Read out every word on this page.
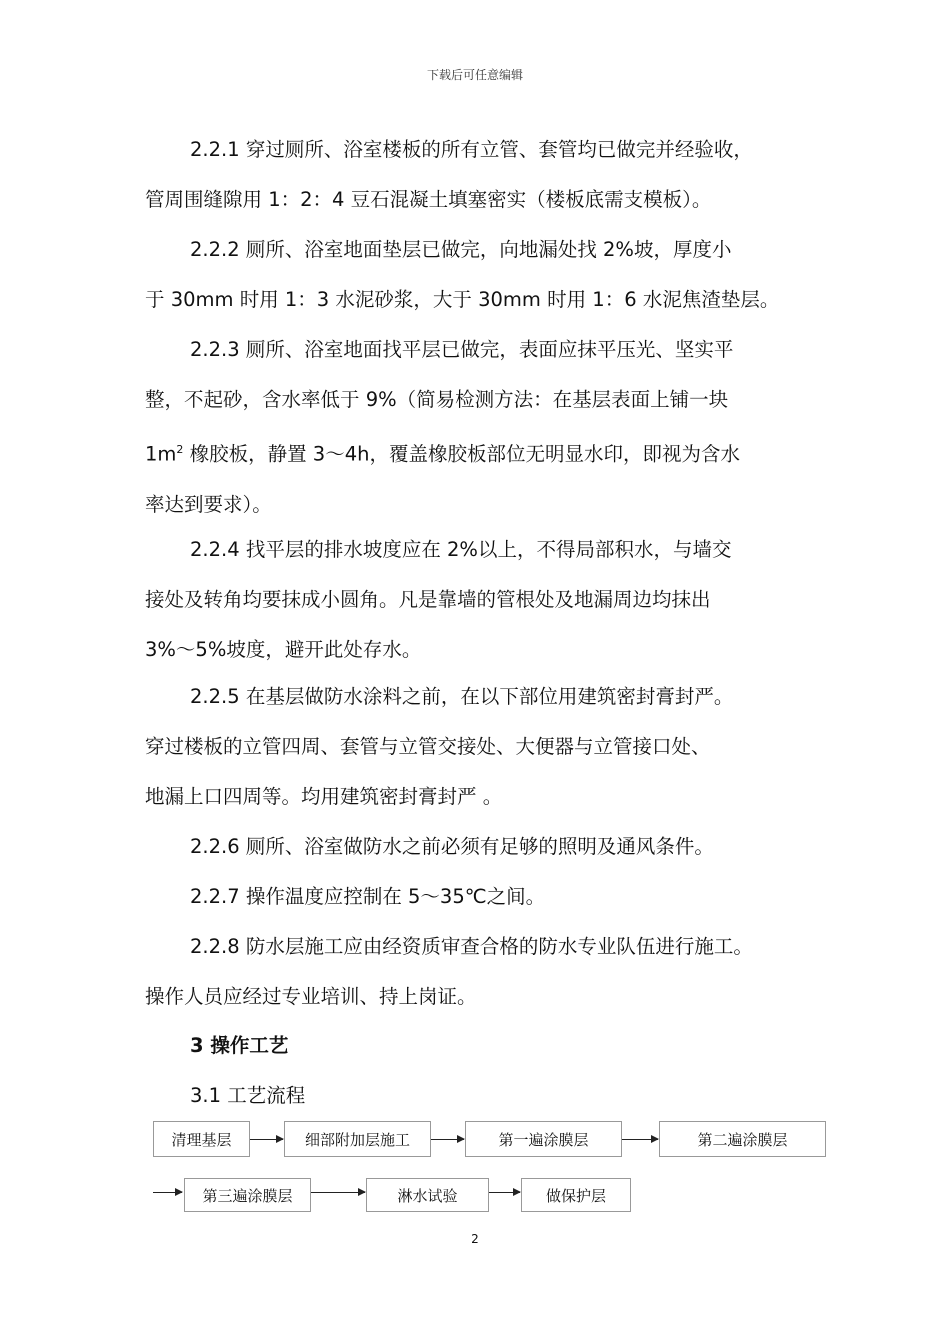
下载后可任意编辑
2.2.1 穿过厕所、浴室楼板的所有立管、套管均已做完并经验收，
管周围缝隙用 1：2：4 豆石混凝土填塞密实（楼板底需支模板）。
2.2.2 厕所、浴室地面垫层已做完，向地漏处找 2%坡，厚度小
于 30mm 时用 1：3 水泥砂浆，大于 30mm 时用 1：6 水泥焦渣垫层。
2.2.3 厕所、浴室地面找平层已做完，表面应抹平压光、坚实平
整，不起砂，含水率低于 9%（简易检测方法：在基层表面上铺一块
$1m^2$ 橡胶板，静置 3～4h，覆盖橡胶板部位无明显水印，即视为含水
率达到要求）。
2.2.4 找平层的排水坡度应在 2%以上，不得局部积水，与墙交
接处及转角均要抹成小圆角。凡是靠墙的管根处及地漏周边均抹出
3%～5%坡度，避开此处存水。
2.2.5 在基层做防水涂料之前，在以下部位用建筑密封膏封严。
穿过楼板的立管四周、套管与立管交接处、大便器与立管接口处、
地漏上口四周等。均用建筑密封膏封严 。
2.2.6 厕所、浴室做防水之前必须有足够的照明及通风条件。
2.2.7 操作温度应控制在 5～35℃之间。
2.2.8 防水层施工应由经资质审查合格的防水专业队伍进行施工。
操作人员应经过专业培训、持上岗证。
3 操作工艺
3.1 工艺流程
清理基层	细部附加层施工	第一遍涂膜层	第二遍涂膜层
第三遍涂膜层	淋水试验	做保护层
2
